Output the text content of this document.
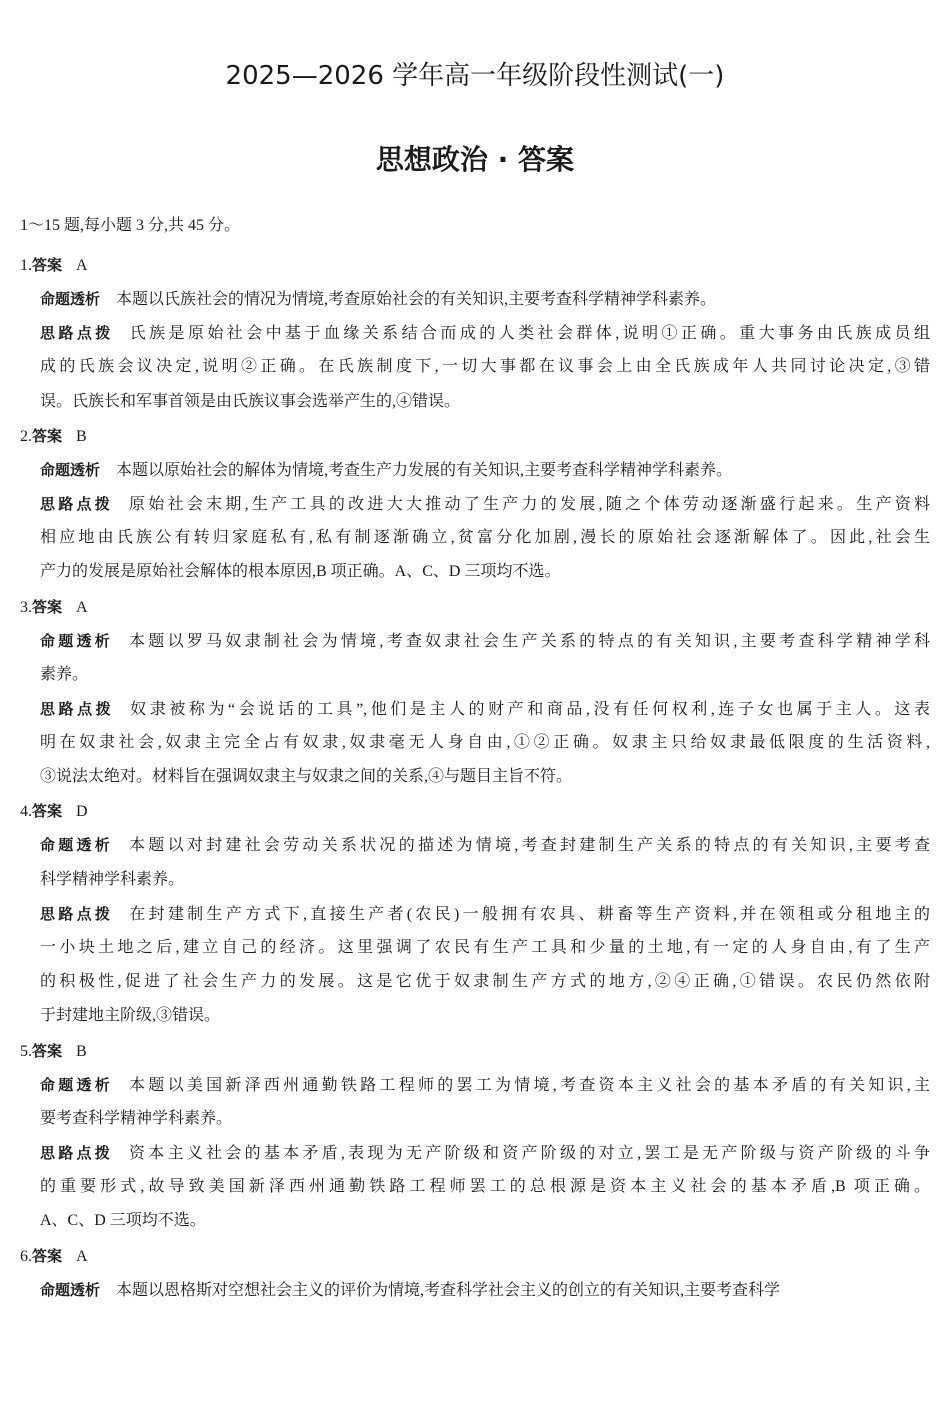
2025—2026 学年高一年级阶段性测试(一)
思想政治 · 答案
1～15 题,每小题 3 分,共 45 分。
1.答案 A
命题透析 本题以氏族社会的情况为情境,考查原始社会的有关知识,主要考查科学精神学科素养。
思路点拨 氏族是原始社会中基于血缘关系结合而成的人类社会群体,说明①正确。重大事务由氏族成员组
成的氏族会议决定,说明②正确。在氏族制度下,一切大事都在议事会上由全氏族成年人共同讨论决定,③错
误。氏族长和军事首领是由氏族议事会选举产生的,④错误。
2.答案 B
命题透析 本题以原始社会的解体为情境,考查生产力发展的有关知识,主要考查科学精神学科素养。
思路点拨 原始社会末期,生产工具的改进大大推动了生产力的发展,随之个体劳动逐渐盛行起来。生产资料
相应地由氏族公有转归家庭私有,私有制逐渐确立,贫富分化加剧,漫长的原始社会逐渐解体了。因此,社会生
产力的发展是原始社会解体的根本原因,B 项正确。A、C、D 三项均不选。
3.答案 A
命题透析 本题以罗马奴隶制社会为情境,考查奴隶社会生产关系的特点的有关知识,主要考查科学精神学科
素养。
思路点拨 奴隶被称为“会说话的工具”,他们是主人的财产和商品,没有任何权利,连子女也属于主人。这表
明在奴隶社会,奴隶主完全占有奴隶,奴隶毫无人身自由,①②正确。奴隶主只给奴隶最低限度的生活资料,
③说法太绝对。材料旨在强调奴隶主与奴隶之间的关系,④与题目主旨不符。
4.答案 D
命题透析 本题以对封建社会劳动关系状况的描述为情境,考查封建制生产关系的特点的有关知识,主要考查
科学精神学科素养。
思路点拨 在封建制生产方式下,直接生产者(农民)一般拥有农具、耕畜等生产资料,并在领租或分租地主的
一小块土地之后,建立自己的经济。这里强调了农民有生产工具和少量的土地,有一定的人身自由,有了生产
的积极性,促进了社会生产力的发展。这是它优于奴隶制生产方式的地方,②④正确,①错误。农民仍然依附
于封建地主阶级,③错误。
5.答案 B
命题透析 本题以美国新泽西州通勤铁路工程师的罢工为情境,考查资本主义社会的基本矛盾的有关知识,主
要考查科学精神学科素养。
思路点拨 资本主义社会的基本矛盾,表现为无产阶级和资产阶级的对立,罢工是无产阶级与资产阶级的斗争
的重要形式,故导致美国新泽西州通勤铁路工程师罢工的总根源是资本主义社会的基本矛盾,B 项正确。
A、C、D 三项均不选。
6.答案 A
命题透析 本题以恩格斯对空想社会主义的评价为情境,考查科学社会主义的创立的有关知识,主要考查科学
